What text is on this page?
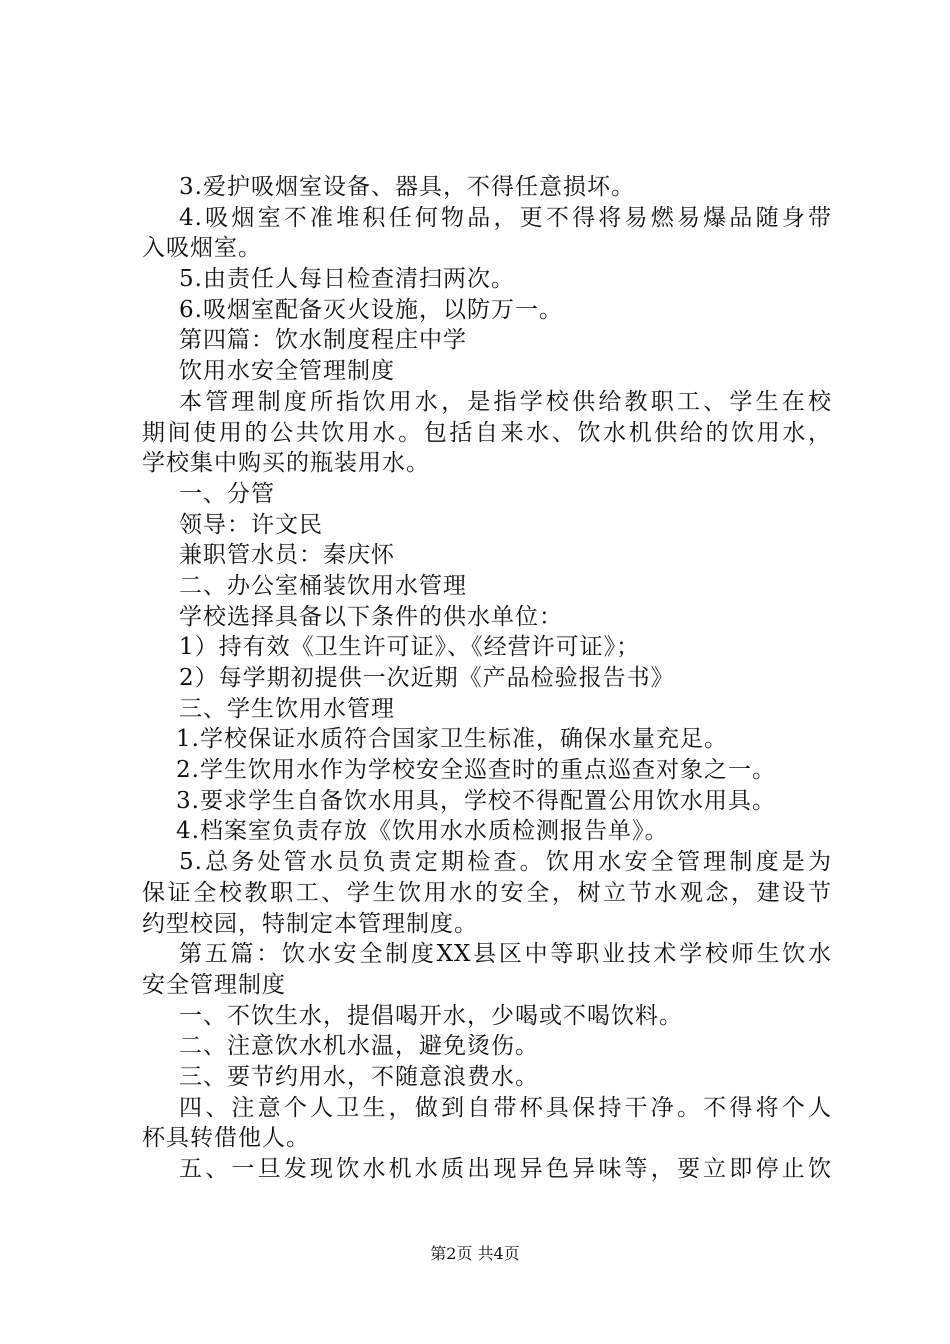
3.爱护吸烟室设备、器具，不得任意损坏。
4.吸烟室不准堆积任何物品，更不得将易燃易爆品随身带
入吸烟室。
5.由责任人每日检查清扫两次。
6.吸烟室配备灭火设施，以防万一。
第四篇：饮水制度程庄中学
饮用水安全管理制度
本管理制度所指饮用水，是指学校供给教职工、学生在校
期间使用的公共饮用水。包括自来水、饮水机供给的饮用水，
学校集中购买的瓶装用水。
一、分管
领导：许文民
兼职管水员：秦庆怀
二、办公室桶装饮用水管理
学校选择具备以下条件的供水单位：
1）持有效《卫生许可证》、《经营许可证》；
2）每学期初提供一次近期《产品检验报告书》
三、学生饮用水管理
1.学校保证水质符合国家卫生标准，确保水量充足。
2.学生饮用水作为学校安全巡查时的重点巡查对象之一。
3.要求学生自备饮水用具，学校不得配置公用饮水用具。
4.档案室负责存放《饮用水水质检测报告单》。
5.总务处管水员负责定期检查。饮用水安全管理制度是为
保证全校教职工、学生饮用水的安全，树立节水观念，建设节
约型校园，特制定本管理制度。
第五篇：饮水安全制度XX县区中等职业技术学校师生饮水
安全管理制度
一、不饮生水，提倡喝开水，少喝或不喝饮料。
二、注意饮水机水温，避免烫伤。
三、要节约用水，不随意浪费水。
四、注意个人卫生，做到自带杯具保持干净。不得将个人
杯具转借他人。
五、一旦发现饮水机水质出现异色异味等，要立即停止饮
第2页 共4页
